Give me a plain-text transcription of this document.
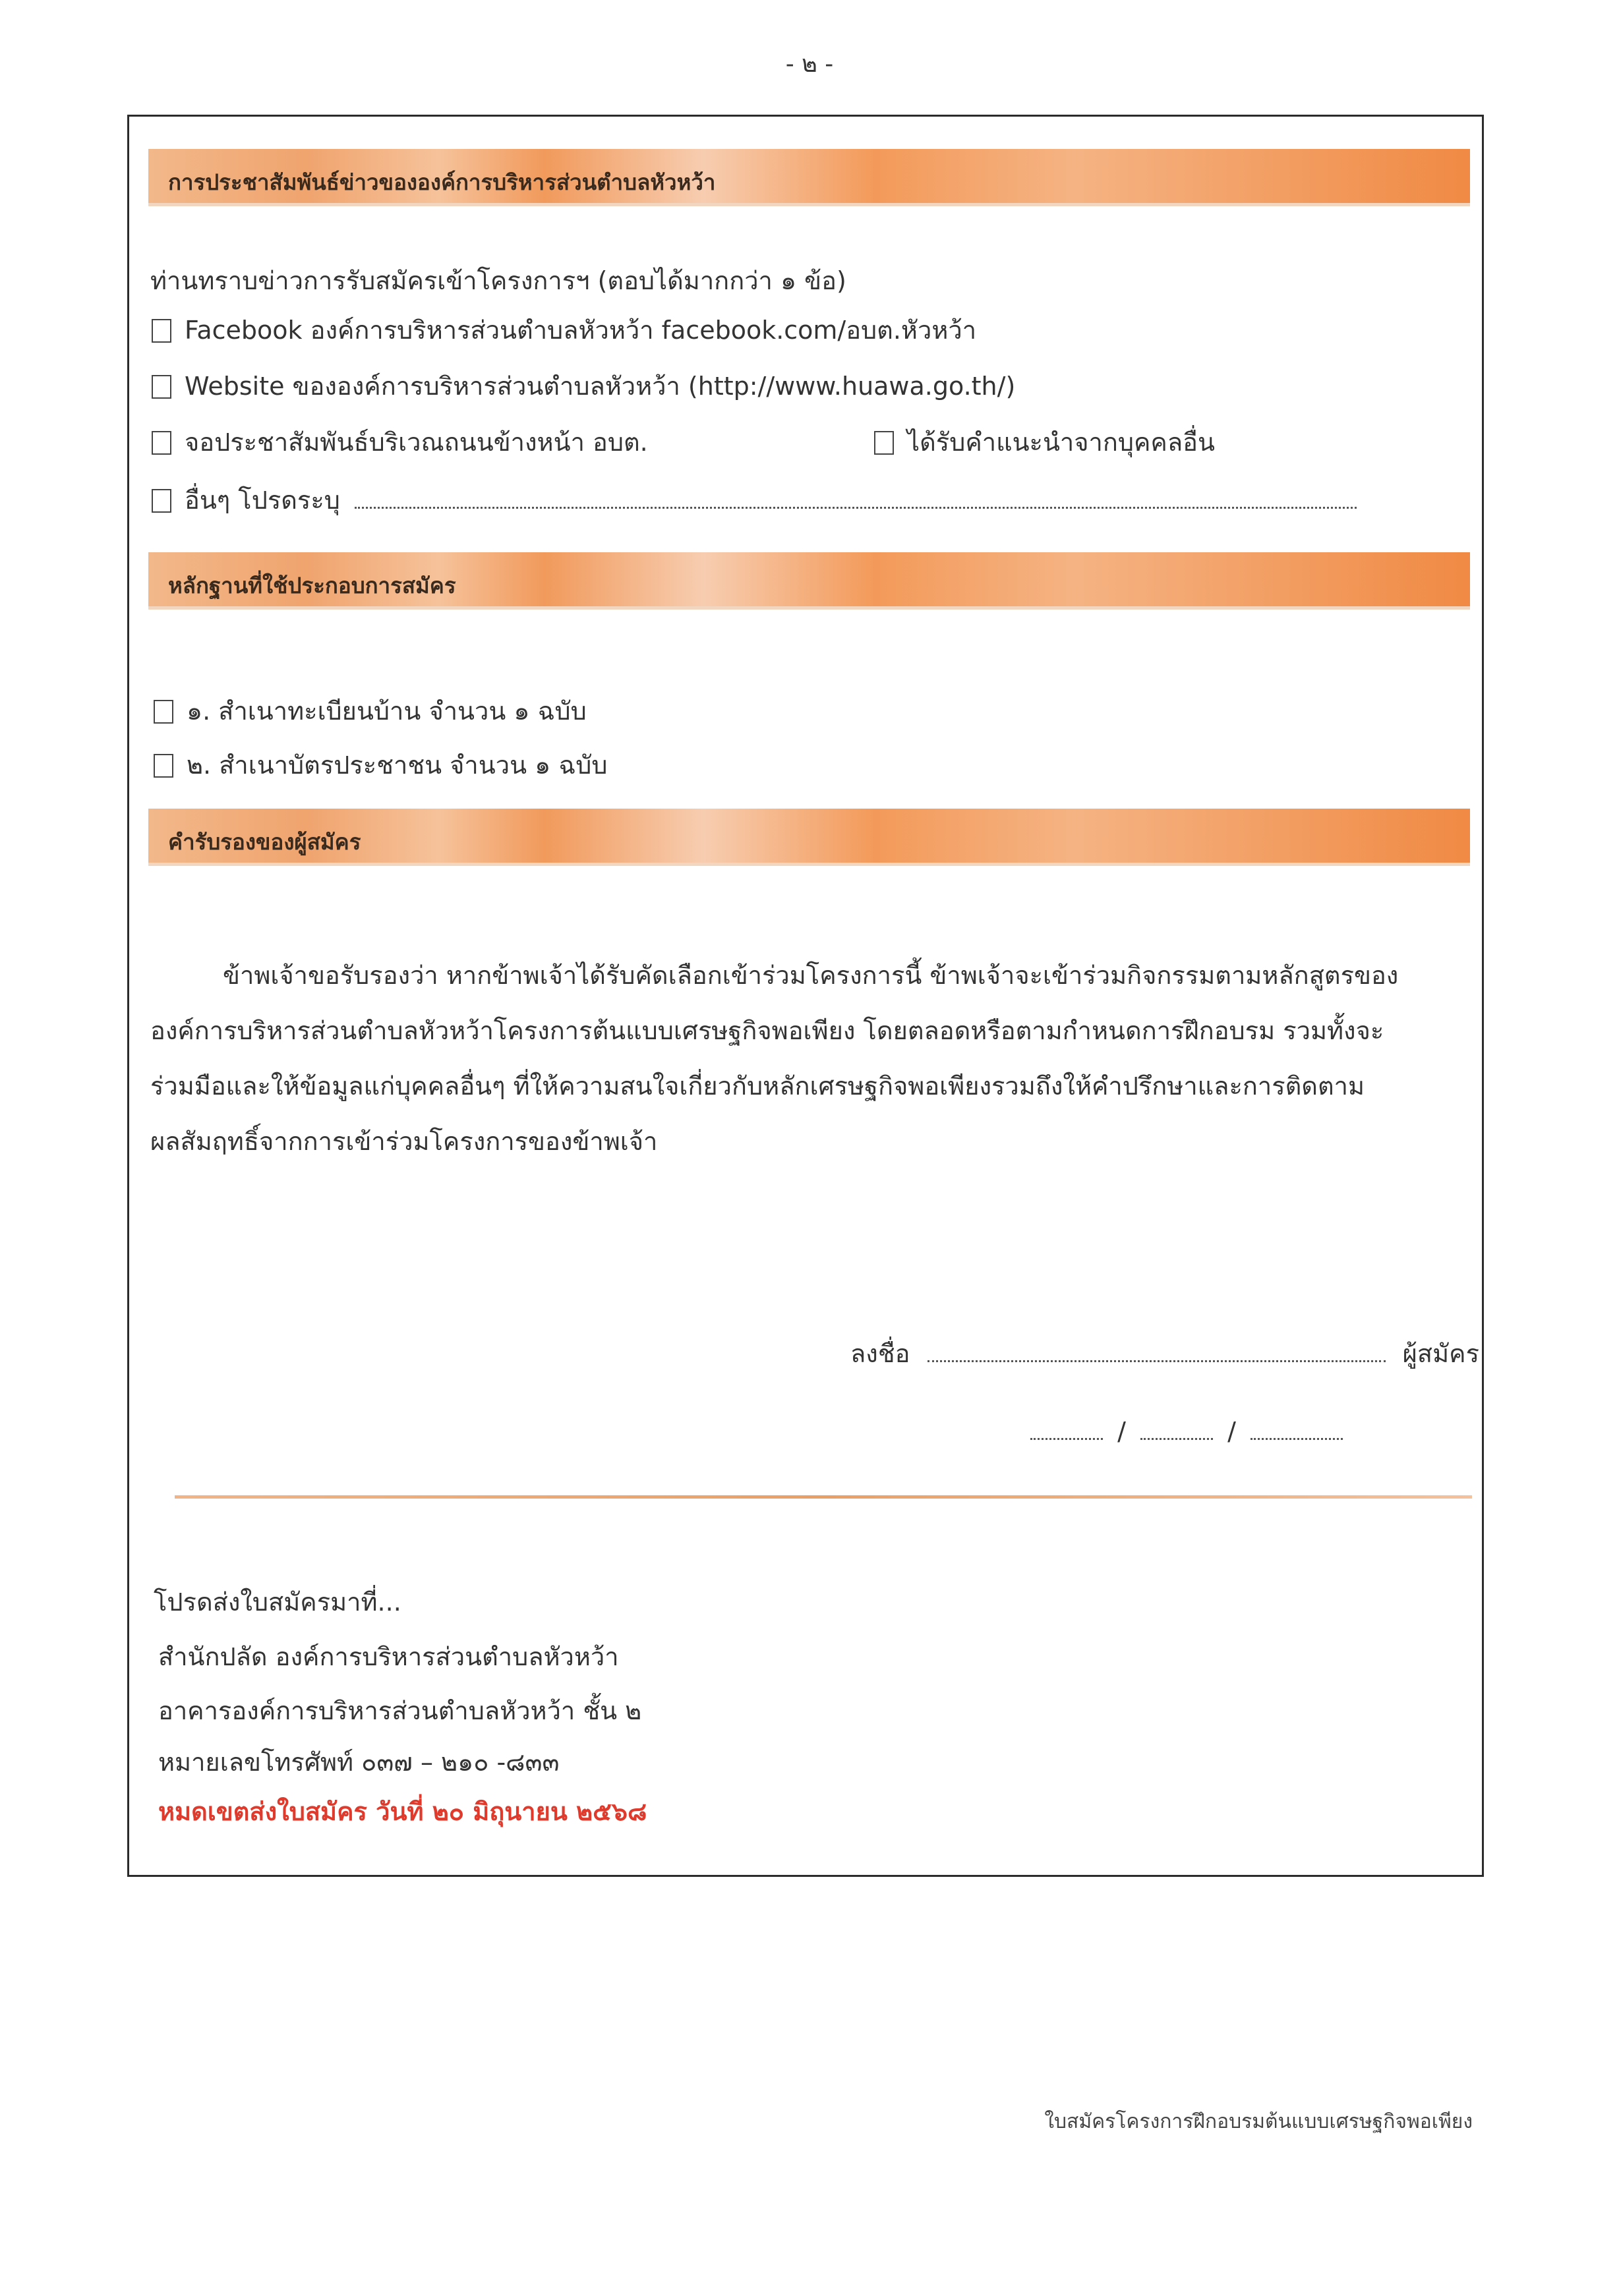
- ๒ -
การประชาสัมพันธ์ข่าวขององค์การบริหารส่วนตำบลหัวหว้า
ท่านทราบข่าวการรับสมัครเข้าโครงการฯ (ตอบได้มากกว่า ๑ ข้อ)
Facebook องค์การบริหารส่วนตำบลหัวหว้า facebook.com/อบต.หัวหว้า
Website ขององค์การบริหารส่วนตำบลหัวหว้า (http://www.huawa.go.th/)
จอประชาสัมพันธ์บริเวณถนนข้างหน้า อบต.	ได้รับคำแนะนำจากบุคคลอื่น
อื่นๆ โปรดระบุ
หลักฐานที่ใช้ประกอบการสมัคร
๑. สำเนาทะเบียนบ้าน จำนวน ๑ ฉบับ
๒. สำเนาบัตรประชาชน จำนวน ๑ ฉบับ
คำรับรองของผู้สมัคร
ข้าพเจ้าขอรับรองว่า หากข้าพเจ้าได้รับคัดเลือกเข้าร่วมโครงการนี้ ข้าพเจ้าจะเข้าร่วมกิจกรรมตามหลักสูตรของ
องค์การบริหารส่วนตำบลหัวหว้าโครงการต้นแบบเศรษฐกิจพอเพียง โดยตลอดหรือตามกำหนดการฝึกอบรม รวมทั้งจะ
ร่วมมือและให้ข้อมูลแก่บุคคลอื่นๆ ที่ให้ความสนใจเกี่ยวกับหลักเศรษฐกิจพอเพียงรวมถึงให้คำปรึกษาและการติดตาม
ผลสัมฤทธิ์จากการเข้าร่วมโครงการของข้าพเจ้า
ลงชื่อ	ผู้สมัคร
/	/
โปรดส่งใบสมัครมาที่...
สำนักปลัด องค์การบริหารส่วนตำบลหัวหว้า
อาคารองค์การบริหารส่วนตำบลหัวหว้า ชั้น ๒
หมายเลขโทรศัพท์ ๐๓๗ – ๒๑๐ -๘๓๓
หมดเขตส่งใบสมัคร วันที่ ๒๐ มิถุนายน ๒๕๖๘
ใบสมัครโครงการฝึกอบรมต้นแบบเศรษฐกิจพอเพียง
